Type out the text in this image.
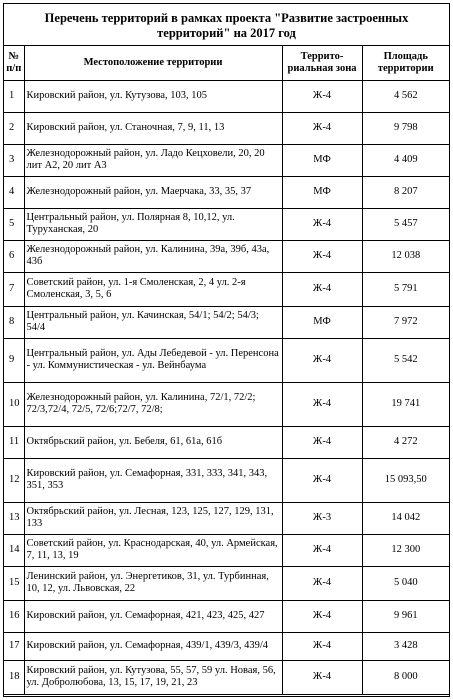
Перечень территорий в рамках проекта "Развитие застроенных
территорий" на 2017 год
№ п/п	Местоположение территории	Террито-риальная зона	Площадь территории
1	Кировский район, ул. Кутузова, 103, 105	Ж-4	4 562
2	Кировский район, ул. Станочная, 7, 9, 11, 13	Ж-4	9 798
3	Железнодорожный район, ул. Ладо Кецховели, 20, 20 лит А2, 20 лит А3	МФ	4 409
4	Железнодорожный район, ул. Маерчака, 33, 35, 37	МФ	8 207
5	Центральный район, ул. Полярная 8, 10,12, ул. Туруханская, 20	Ж-4	5 457
6	Железнодорожный район, ул. Калинина, 39а, 39б, 43а, 43б	Ж-4	12 038
7	Советский район, ул. 1-я Смоленская, 2, 4 ул. 2-я Смоленская, 3, 5, 6	Ж-4	5 791
8	Центральный район, ул. Качинская, 54/1; 54/2; 54/3; 54/4	МФ	7 972
9	Центральный район, ул. Ады Лебедевой - ул. Перенсона - ул. Коммунистическая - ул. Вейнбаума	Ж-4	5 542
10	Железнодорожный район, ул. Калинина, 72/1, 72/2; 72/3,72/4, 72/5, 72/6;72/7, 72/8;	Ж-4	19 741
11	Октябрьский район, ул. Бебеля, 61, 61а, 61б	Ж-4	4 272
12	Кировский район, ул. Семафорная, 331, 333, 341, 343, 351, 353	Ж-4	15 093,50
13	Октябрьский район, ул. Лесная, 123, 125, 127, 129, 131, 133	Ж-3	14 042
14	Советский район, ул. Краснодарская, 40, ул. Армейская, 7, 11, 13, 19	Ж-4	12 300
15	Ленинский район, ул. Энергетиков, 31, ул. Турбинная, 10, 12, ул. Львовская, 22	Ж-4	5 040
16	Кировский район, ул. Семафорная, 421, 423, 425, 427	Ж-4	9 961
17	Кировский район, ул. Семафорная, 439/1, 439/3, 439/4	Ж-4	3 428
18	Кировский район, ул. Кутузова, 55, 57, 59 ул. Новая, 56, ул. Добролюбова, 13, 15, 17, 19, 21, 23	Ж-4	8 000
